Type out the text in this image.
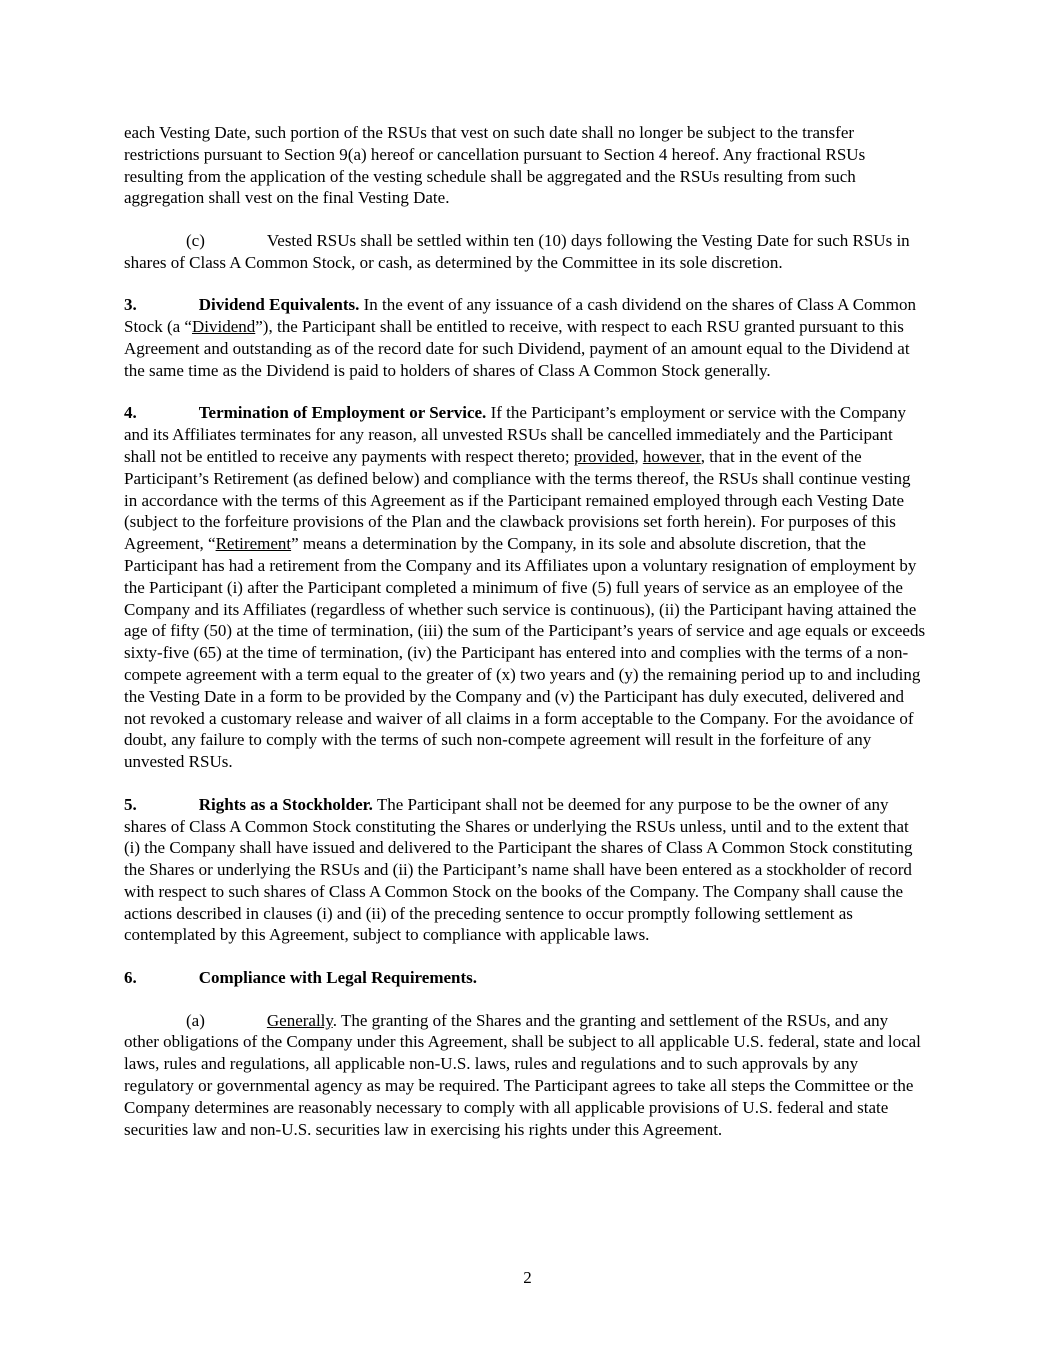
each Vesting Date, such portion of the RSUs that vest on such date shall no longer be subject to the transfer restrictions pursuant to Section 9(a) hereof or cancellation pursuant to Section 4 hereof. Any fractional RSUs resulting from the application of the vesting schedule shall be aggregated and the RSUs resulting from such aggregation shall vest on the final Vesting Date.

(c)	Vested RSUs shall be settled within ten (10) days following the Vesting Date for such RSUs in shares of Class A Common Stock, or cash, as determined by the Committee in its sole discretion.

3.	Dividend Equivalents. In the event of any issuance of a cash dividend on the shares of Class A Common Stock (a “Dividend”), the Participant shall be entitled to receive, with respect to each RSU granted pursuant to this Agreement and outstanding as of the record date for such Dividend, payment of an amount equal to the Dividend at the same time as the Dividend is paid to holders of shares of Class A Common Stock generally.

4.	Termination of Employment or Service. If the Participant’s employment or service with the Company and its Affiliates terminates for any reason, all unvested RSUs shall be cancelled immediately and the Participant shall not be entitled to receive any payments with respect thereto; provided, however, that in the event of the Participant’s Retirement (as defined below) and compliance with the terms thereof, the RSUs shall continue vesting in accordance with the terms of this Agreement as if the Participant remained employed through each Vesting Date (subject to the forfeiture provisions of the Plan and the clawback provisions set forth herein). For purposes of this Agreement, “Retirement” means a determination by the Company, in its sole and absolute discretion, that the Participant has had a retirement from the Company and its Affiliates upon a voluntary resignation of employment by the Participant (i) after the Participant completed a minimum of five (5) full years of service as an employee of the Company and its Affiliates (regardless of whether such service is continuous), (ii) the Participant having attained the age of fifty (50) at the time of termination, (iii) the sum of the Participant’s years of service and age equals or exceeds sixty-five (65) at the time of termination, (iv) the Participant has entered into and complies with the terms of a non-compete agreement with a term equal to the greater of (x) two years and (y) the remaining period up to and including the Vesting Date in a form to be provided by the Company and (v) the Participant has duly executed, delivered and not revoked a customary release and waiver of all claims in a form acceptable to the Company. For the avoidance of doubt, any failure to comply with the terms of such non-compete agreement will result in the forfeiture of any unvested RSUs.

5.	Rights as a Stockholder. The Participant shall not be deemed for any purpose to be the owner of any shares of Class A Common Stock constituting the Shares or underlying the RSUs unless, until and to the extent that (i) the Company shall have issued and delivered to the Participant the shares of Class A Common Stock constituting the Shares or underlying the RSUs and (ii) the Participant’s name shall have been entered as a stockholder of record with respect to such shares of Class A Common Stock on the books of the Company. The Company shall cause the actions described in clauses (i) and (ii) of the preceding sentence to occur promptly following settlement as contemplated by this Agreement, subject to compliance with applicable laws.

6.	Compliance with Legal Requirements.

(a)	Generally. The granting of the Shares and the granting and settlement of the RSUs, and any other obligations of the Company under this Agreement, shall be subject to all applicable U.S. federal, state and local laws, rules and regulations, all applicable non-U.S. laws, rules and regulations and to such approvals by any regulatory or governmental agency as may be required. The Participant agrees to take all steps the Committee or the Company determines are reasonably necessary to comply with all applicable provisions of U.S. federal and state securities law and non-U.S. securities law in exercising his rights under this Agreement.

2
